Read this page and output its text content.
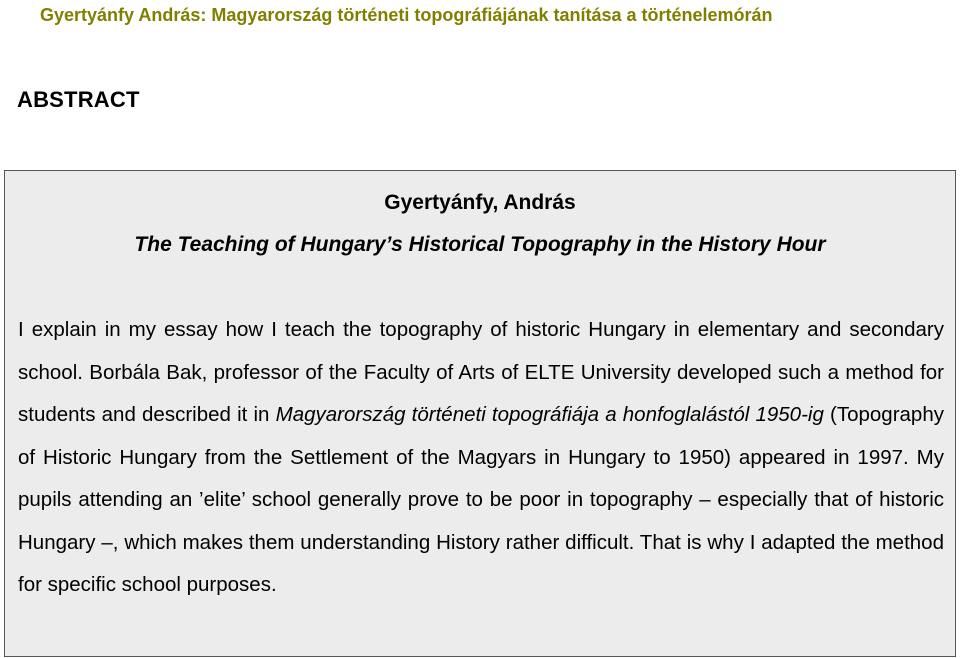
Gyertyánfy András: Magyarország történeti topográfiájának tanítása a történelemórán
ABSTRACT
Gyertyánfy, András
The Teaching of Hungary’s Historical Topography in the History Hour

I explain in my essay how I teach the topography of historic Hungary in elementary and secondary school. Borbála Bak, professor of the Faculty of Arts of ELTE University developed such a method for students and described it in Magyarország történeti topográfiája a honfoglalástól 1950-ig (Topography of Historic Hungary from the Settlement of the Magyars in Hungary to 1950) appeared in 1997. My pupils attending an ’elite’ school generally prove to be poor in topography – especially that of historic Hungary –, which makes them understanding History rather difficult. That is why I adapted the method for specific school purposes.
